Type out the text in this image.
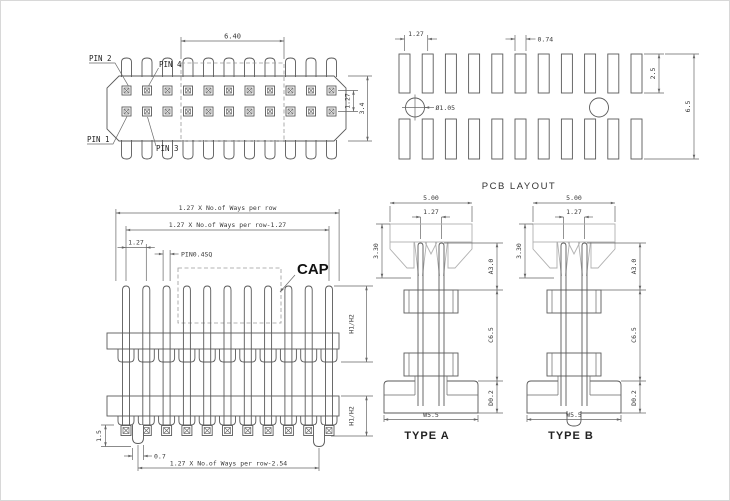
6.40
1.27 3.4
PIN 2
PIN 4
PIN 1
PIN 3
1.27
0.74
Ø1.05
2.5
6.5
PCB LAYOUT
1.27 X No.of Ways per row
1.27 X No.of Ways per row-1.27
1.27
PIN0.4SQ
CAP
H1/H2
H1/H2
1.5
0.7
1.27 X No.of Ways per row-2.54
5.00
1.27
3.30
A3.0
C6.5
D0.2
W5.5
TYPE A
5.00
1.27
3.30
A3.0
C6.5
D0.2
W5.5
TYPE B
